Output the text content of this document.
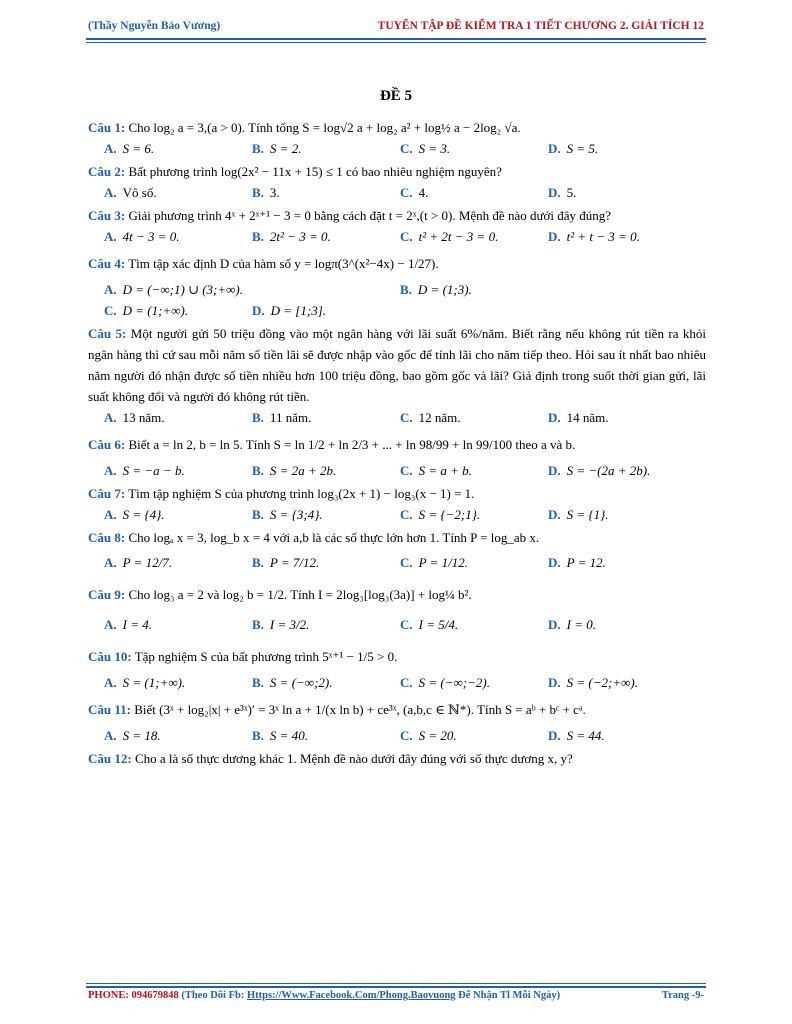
(Thầy Nguyễn Bảo Vương)	TUYỂN TẬP ĐỀ KIỂM TRA 1 TIẾT CHƯƠNG 2. GIẢI TÍCH 12
ĐỀ 5

Câu 1: Cho log₂ a = 3,(a > 0). Tính tổng S = log√2 a + log₂ a² + log½ a − 2log₂ √a.

A. S = 6.	B. S = 2.	C. S = 3.	D. S = 5.

Câu 2: Bất phương trình log(2x² − 11x + 15) ≤ 1 có bao nhiêu nghiệm nguyên?

A. Vô số.	B. 3.	C. 4.	D. 5.

Câu 3: Giải phương trình 4ˣ + 2ˣ⁺¹ − 3 = 0 bằng cách đặt t = 2ˣ,(t > 0). Mệnh đề nào dưới đây đúng?

A. 4t − 3 = 0.	B. 2t² − 3 = 0.	C. t² + 2t − 3 = 0.	D. t² + t − 3 = 0.

Câu 4: Tìm tập xác định D của hàm số y = logπ(3^(x²−4x) − 1/27).

A. D = (−∞;1) ∪ (3;+∞).	B. D = (1;3).
C. D = (1;+∞).	D. D = [1;3].

Câu 5: Một người gửi 50 triệu đồng vào một ngân hàng với lãi suất 6%/năm. Biết rằng nếu không rút tiền ra khỏi ngân hàng thì cứ sau mỗi năm số tiền lãi sẽ được nhập vào gốc để tính lãi cho năm tiếp theo. Hỏi sau ít nhất bao nhiêu năm người đó nhận được số tiền nhiều hơn 100 triệu đồng, bao gồm gốc và lãi? Giả định trong suốt thời gian gửi, lãi suất không đổi và người đó không rút tiền.

A. 13 năm.	B. 11 năm.	C. 12 năm.	D. 14 năm.

Câu 6: Biết a = ln 2, b = ln 5. Tính S = ln 1/2 + ln 2/3 + ... + ln 98/99 + ln 99/100 theo a và b.

A. S = −a − b.	B. S = 2a + 2b.	C. S = a + b.	D. S = −(2a + 2b).

Câu 7: Tìm tập nghiệm S của phương trình log₃(2x + 1) − log₃(x − 1) = 1.

A. S = {4}.	B. S = {3;4}.	C. S = {−2;1}.	D. S = {1}.

Câu 8: Cho logₐ x = 3, log_b x = 4 với a,b là các số thực lớn hơn 1. Tính P = log_ab x.

A. P = 12/7.	B. P = 7/12.	C. P = 1/12.	D. P = 12.

Câu 9: Cho log₃ a = 2 và log₂ b = 1/2. Tính I = 2log₃[log₃(3a)] + log¼ b².

A. I = 4.	B. I = 3/2.	C. I = 5/4.	D. I = 0.

Câu 10: Tập nghiệm S của bất phương trình 5ˣ⁺¹ − 1/5 > 0.

A. S = (1;+∞).	B. S = (−∞;2).	C. S = (−∞;−2).	D. S = (−2;+∞).

Câu 11: Biết (3ˣ + log₂|x| + e³ˣ)′ = 3ˣ ln a + 1/(x ln b) + ce³ˣ, (a,b,c ∈ ℕ*). Tính S = aᵇ + bᶜ + cᵃ.

A. S = 18.	B. S = 40.	C. S = 20.	D. S = 44.

Câu 12: Cho a là số thực dương khác 1. Mệnh đề nào dưới đây đúng với số thực dương x, y?

PHONE: 094679848 (Theo Dõi Fb: Https://Www.Facebook.Com/Phong.Baovuong Để Nhận Tl Mỗi Ngày)	Trang -9-
